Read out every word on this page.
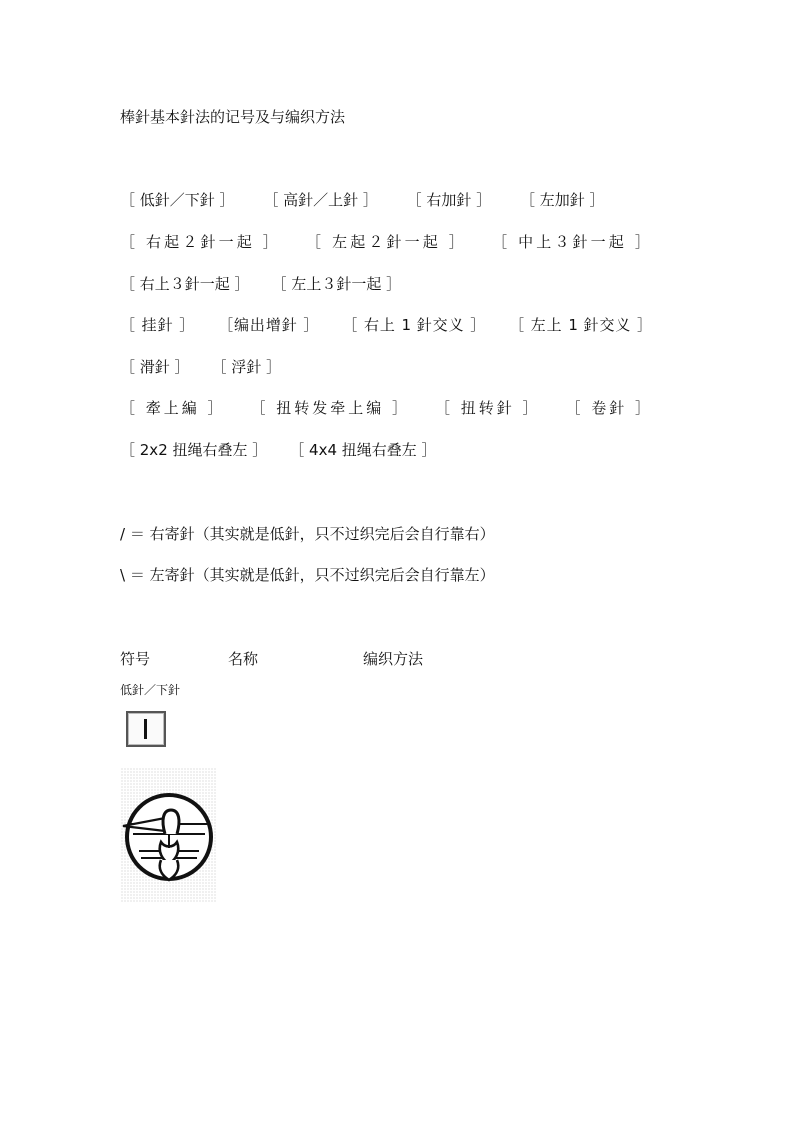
棒針基本針法的记号及与编织方法
［ 低針／下針 ］ ［ 高針／上針 ］ ［ 右加針 ］ ［ 左加針 ］
［ 右起２針一起 ］ ［ 左起２針一起 ］ ［ 中上３針一起 ］［ 右上３針一起 ］ ［ 左上３針一起 ］
［ 挂針 ］ ［编出增針 ］ ［ 右上 1 針交义 ］ ［ 左上 1 針交义 ］［ 滑針 ］ ［ 浮針 ］
［ 牽上編 ］ ［ 扭转发牵上编 ］ ［ 扭转針 ］ ［ 卷針 ］［ 2x2 扭绳右叠左 ］ ［ 4x4 扭绳右叠左 ］
/ ＝ 右寄針（其实就是低針，只不过织完后会自行靠右）
\ ＝ 左寄針（其实就是低針，只不过织完后会自行靠左）
符号	名称	编织方法
低針／下針
